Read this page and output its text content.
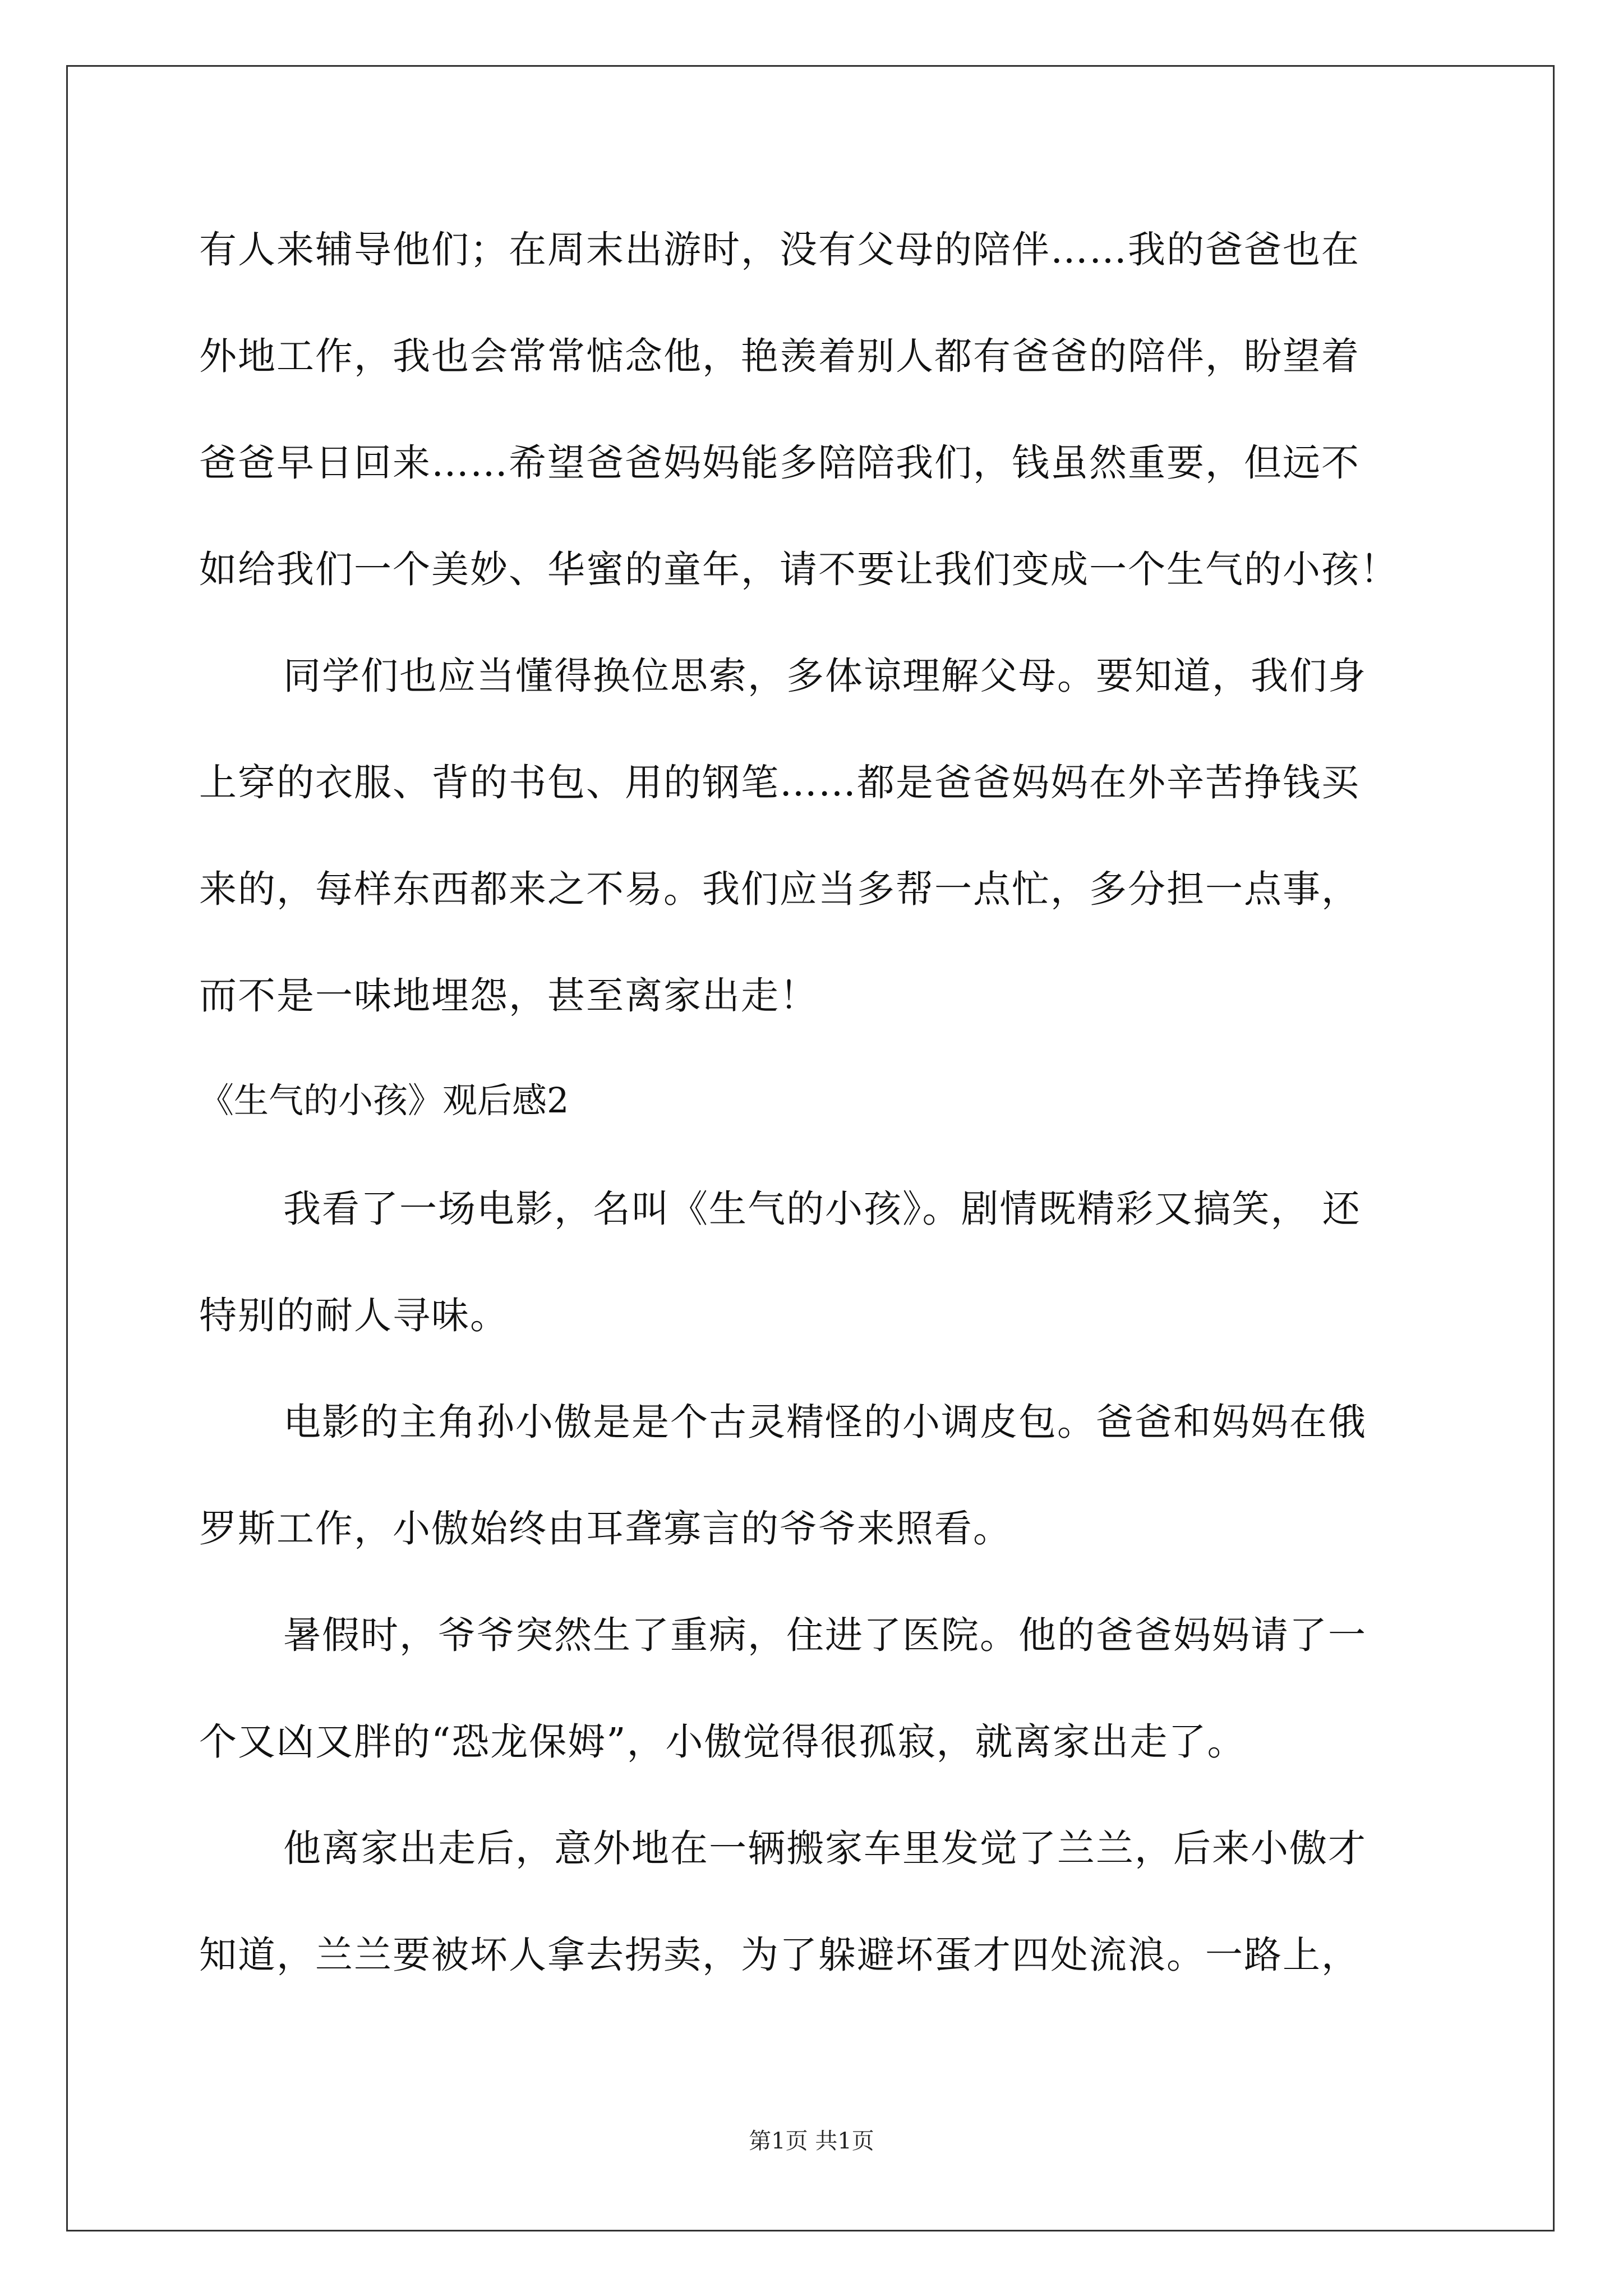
有人来辅导他们；在周末出游时，没有父母的陪伴……我的爸爸也在
外地工作，我也会常常惦念他，艳羡着别人都有爸爸的陪伴，盼望着
爸爸早日回来……希望爸爸妈妈能多陪陪我们，钱虽然重要，但远不
如给我们一个美妙、华蜜的童年，请不要让我们变成一个生气的小孩！
同学们也应当懂得换位思索，多体谅理解父母。要知道，我们身
上穿的衣服、背的书包、用的钢笔……都是爸爸妈妈在外辛苦挣钱买
来的，每样东西都来之不易。我们应当多帮一点忙，多分担一点事，
而不是一味地埋怨，甚至离家出走！
《生气的小孩》观后感2
我看了一场电影，名叫《生气的小孩》。剧情既精彩又搞笑， 还
特别的耐人寻味。
电影的主角孙小傲是是个古灵精怪的小调皮包。爸爸和妈妈在俄
罗斯工作，小傲始终由耳聋寡言的爷爷来照看。
暑假时，爷爷突然生了重病，住进了医院。他的爸爸妈妈请了一
个又凶又胖的“恐龙保姆”，小傲觉得很孤寂，就离家出走了。
他离家出走后，意外地在一辆搬家车里发觉了兰兰，后来小傲才
知道，兰兰要被坏人拿去拐卖，为了躲避坏蛋才四处流浪。一路上，
第1页 共1页
